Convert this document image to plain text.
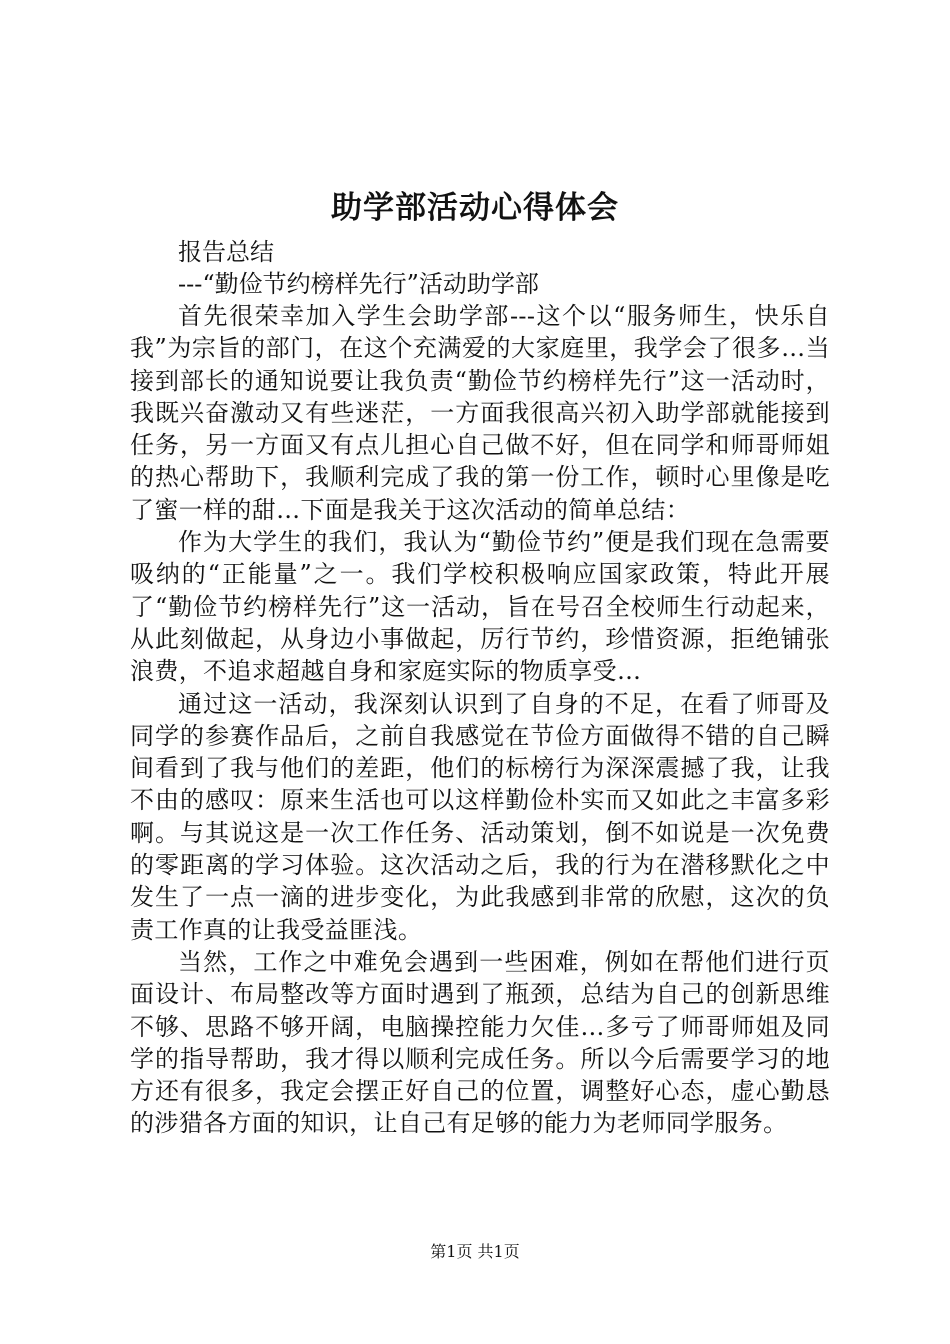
助学部活动心得体会

报告总结

---“勤俭节约榜样先行”活动助学部

首先很荣幸加入学生会助学部---这个以“服务师生，快乐自我”为宗旨的部门，在这个充满爱的大家庭里，我学会了很多…当接到部长的通知说要让我负责“勤俭节约榜样先行”这一活动时，我既兴奋激动又有些迷茫，一方面我很高兴初入助学部就能接到任务，另一方面又有点儿担心自己做不好，但在同学和师哥师姐的热心帮助下，我顺利完成了我的第一份工作，顿时心里像是吃了蜜一样的甜…下面是我关于这次活动的简单总结：

作为大学生的我们，我认为“勤俭节约”便是我们现在急需要吸纳的“正能量”之一。我们学校积极响应国家政策，特此开展了“勤俭节约榜样先行”这一活动，旨在号召全校师生行动起来，从此刻做起，从身边小事做起，厉行节约，珍惜资源，拒绝铺张浪费，不追求超越自身和家庭实际的物质享受…

通过这一活动，我深刻认识到了自身的不足，在看了师哥及同学的参赛作品后，之前自我感觉在节俭方面做得不错的自己瞬间看到了我与他们的差距，他们的标榜行为深深震撼了我，让我不由的感叹：原来生活也可以这样勤俭朴实而又如此之丰富多彩啊。与其说这是一次工作任务、活动策划，倒不如说是一次免费的零距离的学习体验。这次活动之后，我的行为在潜移默化之中发生了一点一滴的进步变化，为此我感到非常的欣慰，这次的负责工作真的让我受益匪浅。

当然，工作之中难免会遇到一些困难，例如在帮他们进行页面设计、布局整改等方面时遇到了瓶颈，总结为自己的创新思维不够、思路不够开阔，电脑操控能力欠佳…多亏了师哥师姐及同学的指导帮助，我才得以顺利完成任务。所以今后需要学习的地方还有很多，我定会摆正好自己的位置，调整好心态，虚心勤恳的涉猎各方面的知识，让自己有足够的能力为老师同学服务。

第1页 共1页
